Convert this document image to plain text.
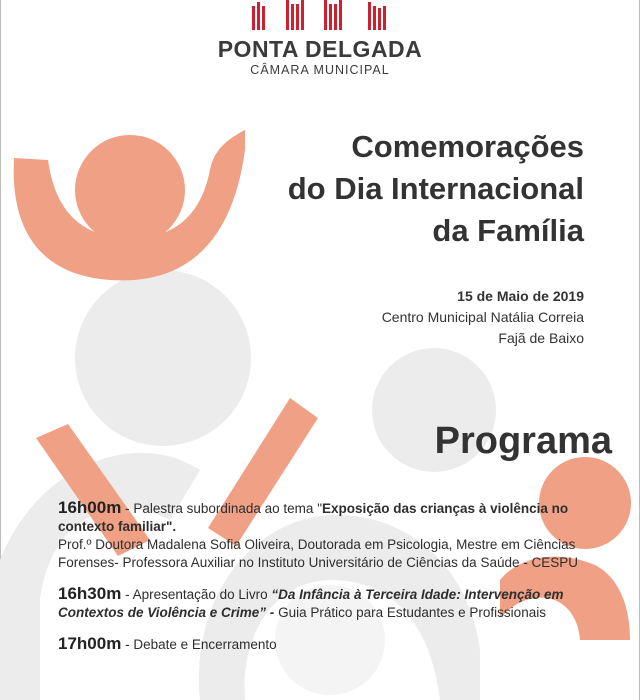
PONTA DELGADA
CÂMARA MUNICIPAL
Comemorações
do Dia Internacional
da Família
15 de Maio de 2019
Centro Municipal Natália Correia
Fajã de Baixo
Programa
16h00m - Palestra subordinada ao tema "Exposição das crianças à violência no contexto familiar".
Prof.º Doutora Madalena Sofia Oliveira, Doutorada em Psicologia, Mestre em Ciências Forenses- Professora Auxiliar no Instituto Universitário de Ciências da Saúde - CESPU
16h30m - Apresentação do Livro “Da Infância à Terceira Idade: Intervenção em Contextos de Violência e Crime” - Guia Prático para Estudantes e Profissionais
17h00m - Debate e Encerramento
